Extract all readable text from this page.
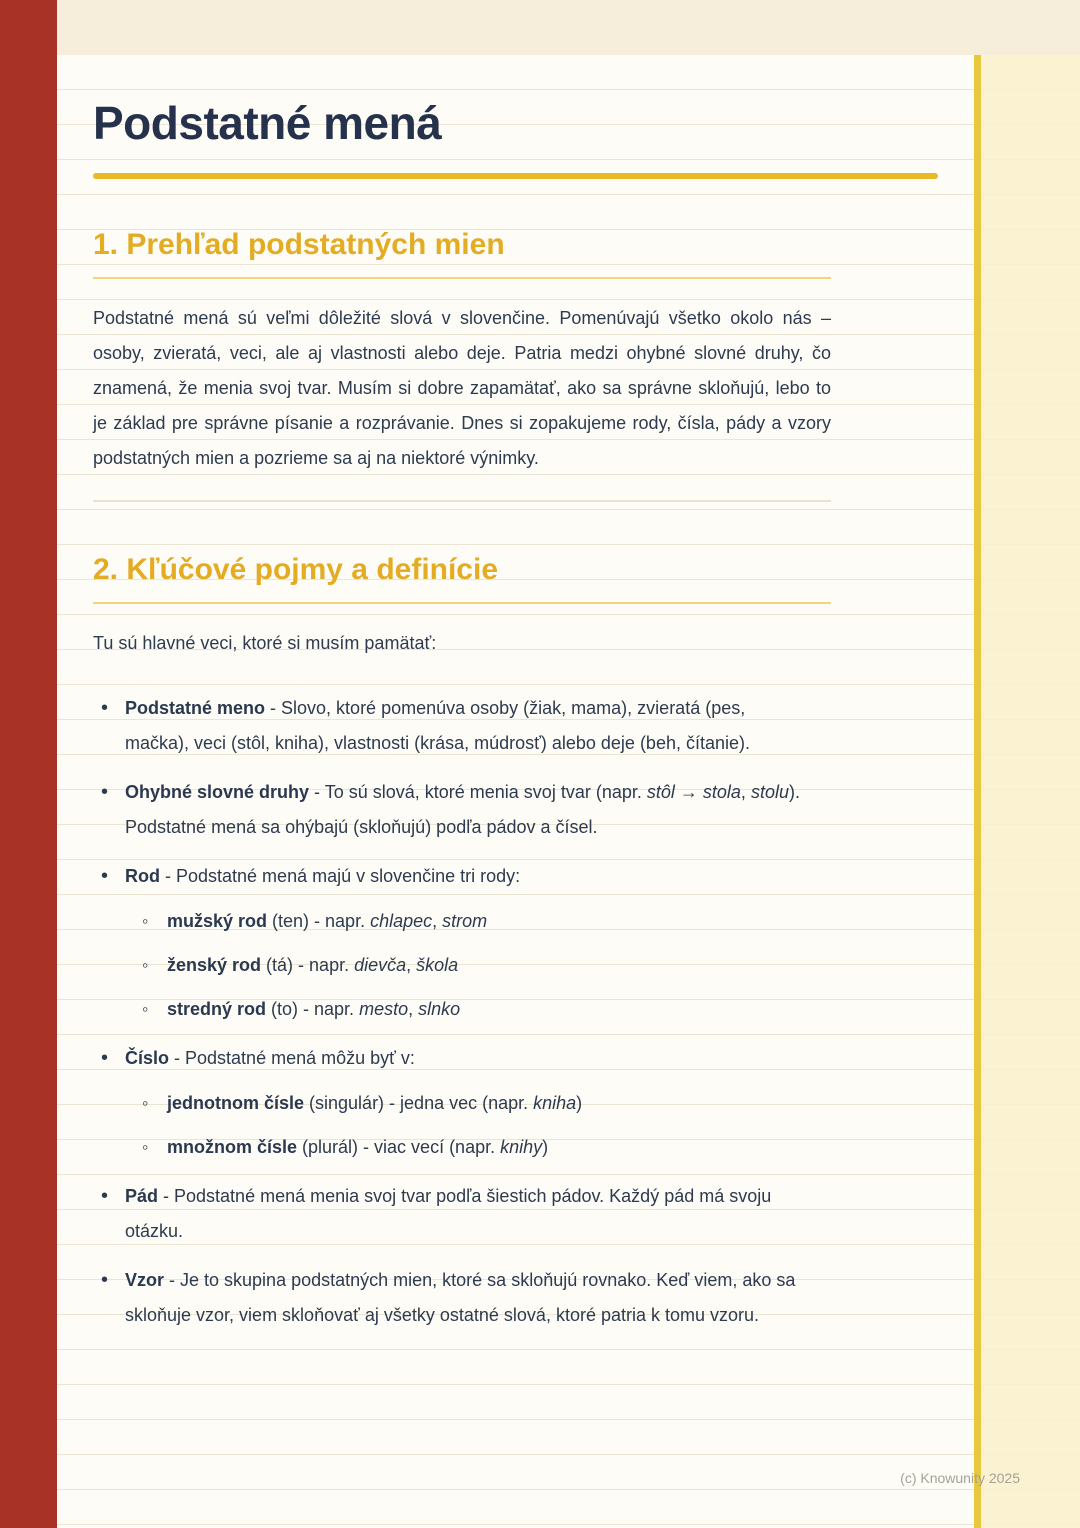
Podstatné mená
1. Prehľad podstatných mien

Podstatné mená sú veľmi dôležité slová v slovenčine. Pomenúvajú všetko okolo nás – osoby, zvieratá, veci, ale aj vlastnosti alebo deje. Patria medzi ohybné slovné druhy, čo znamená, že menia svoj tvar. Musím si dobre zapamätať, ako sa správne skloňujú, lebo to je základ pre správne písanie a rozprávanie. Dnes si zopakujeme rody, čísla, pády a vzory podstatných mien a pozrieme sa aj na niektoré výnimky.

2. Kľúčové pojmy a definície

Tu sú hlavné veci, ktoré si musím pamätať:

• Podstatné meno - Slovo, ktoré pomenúva osoby (žiak, mama), zvieratá (pes, mačka), veci (stôl, kniha), vlastnosti (krása, múdrosť) alebo deje (beh, čítanie).
• Ohybné slovné druhy - To sú slová, ktoré menia svoj tvar (napr. stôl → stola, stolu). Podstatné mená sa ohýbajú (skloňujú) podľa pádov a čísel.
• Rod - Podstatné mená majú v slovenčine tri rody:
◦ mužský rod (ten) - napr. chlapec, strom
◦ ženský rod (tá) - napr. dievča, škola
◦ stredný rod (to) - napr. mesto, slnko
• Číslo - Podstatné mená môžu byť v:
◦ jednotnom čísle (singulár) - jedna vec (napr. kniha)
◦ množnom čísle (plurál) - viac vecí (napr. knihy)
• Pád - Podstatné mená menia svoj tvar podľa šiestich pádov. Každý pád má svoju otázku.
• Vzor - Je to skupina podstatných mien, ktoré sa skloňujú rovnako. Keď viem, ako sa skloňuje vzor, viem skloňovať aj všetky ostatné slová, ktoré patria k tomu vzoru.
(c) Knowunity 2025
